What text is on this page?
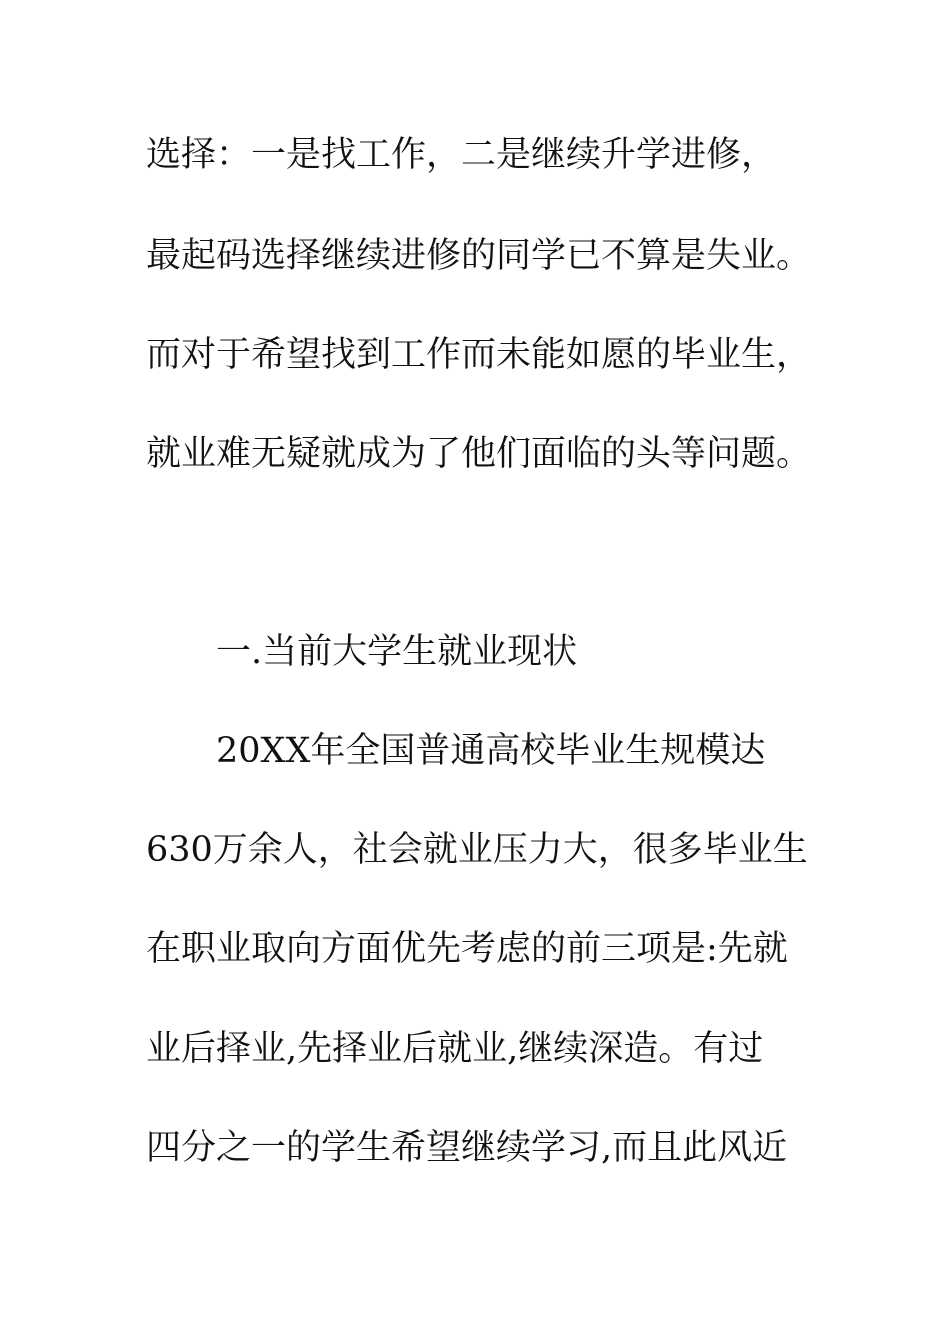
选择：一是找工作，二是继续升学进修，
最起码选择继续进修的同学已不算是失业。
而对于希望找到工作而未能如愿的毕业生，
就业难无疑就成为了他们面临的头等问题。
一.当前大学生就业现状
20XX年全国普通高校毕业生规模达
630万余人，社会就业压力大，很多毕业生
在职业取向方面优先考虑的前三项是:先就
业后择业,先择业后就业,继续深造。有过
四分之一的学生希望继续学习,而且此风近
